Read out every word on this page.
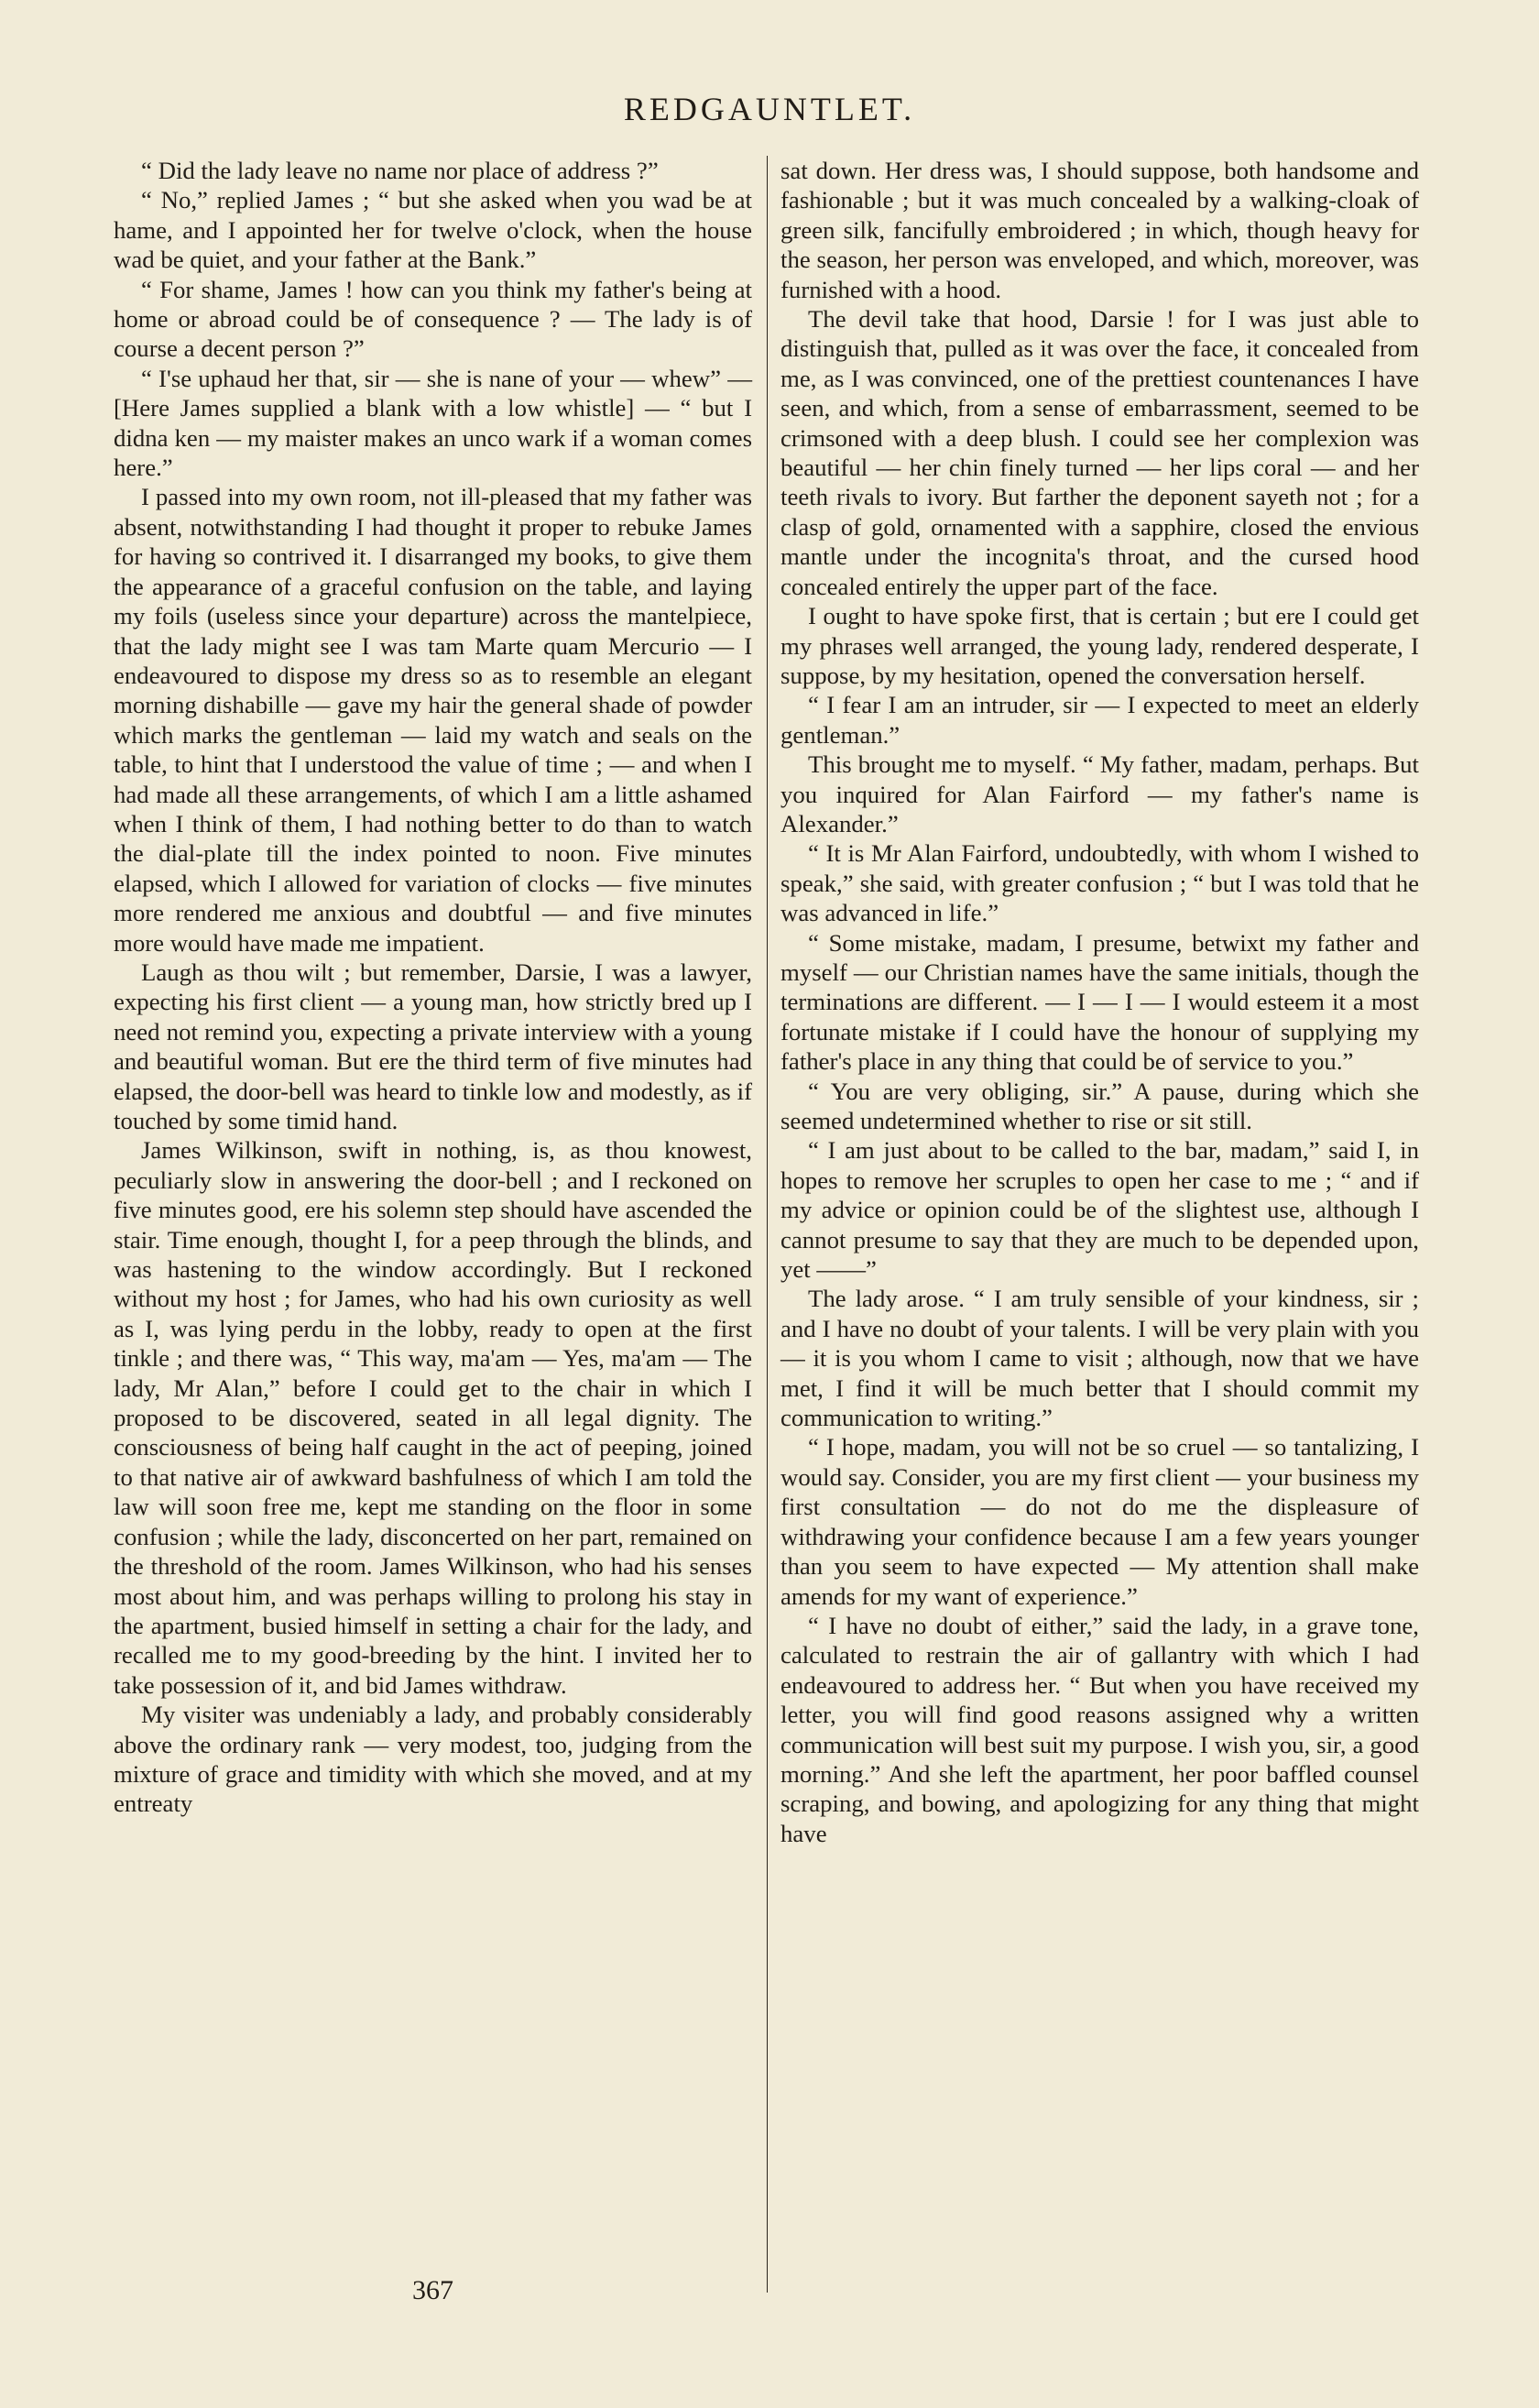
REDGAUNTLET.

“ Did the lady leave no name nor place of address ?”

“ No,” replied James ; “ but she asked when you wad be at hame, and I appointed her for twelve o'clock, when the house wad be quiet, and your father at the Bank.”

“ For shame, James ! how can you think my father's being at home or abroad could be of consequence ? — The lady is of course a decent person ?”

“ I'se uphaud her that, sir — she is nane of your — whew” — [Here James supplied a blank with a low whistle] — “ but I didna ken — my maister makes an unco wark if a woman comes here.”

I passed into my own room, not ill-pleased that my father was absent, notwithstanding I had thought it proper to rebuke James for having so contrived it. I disarranged my books, to give them the appearance of a graceful confusion on the table, and laying my foils (useless since your departure) across the mantelpiece, that the lady might see I was tam Marte quam Mercurio — I endeavoured to dispose my dress so as to resemble an elegant morning dishabille — gave my hair the general shade of powder which marks the gentleman — laid my watch and seals on the table, to hint that I understood the value of time ; — and when I had made all these arrangements, of which I am a little ashamed when I think of them, I had nothing better to do than to watch the dial-plate till the index pointed to noon. Five minutes elapsed, which I allowed for variation of clocks — five minutes more rendered me anxious and doubtful — and five minutes more would have made me impatient.

Laugh as thou wilt ; but remember, Darsie, I was a lawyer, expecting his first client — a young man, how strictly bred up I need not remind you, expecting a private interview with a young and beautiful woman. But ere the third term of five minutes had elapsed, the door-bell was heard to tinkle low and modestly, as if touched by some timid hand.

James Wilkinson, swift in nothing, is, as thou knowest, peculiarly slow in answering the door-bell ; and I reckoned on five minutes good, ere his solemn step should have ascended the stair. Time enough, thought I, for a peep through the blinds, and was hastening to the window accordingly. But I reckoned without my host ; for James, who had his own curiosity as well as I, was lying perdu in the lobby, ready to open at the first tinkle ; and there was, “ This way, ma'am — Yes, ma'am — The lady, Mr Alan,” before I could get to the chair in which I proposed to be discovered, seated in all legal dignity. The consciousness of being half caught in the act of peeping, joined to that native air of awkward bashfulness of which I am told the law will soon free me, kept me standing on the floor in some confusion ; while the lady, disconcerted on her part, remained on the threshold of the room. James Wilkinson, who had his senses most about him, and was perhaps willing to prolong his stay in the apartment, busied himself in setting a chair for the lady, and recalled me to my good-breeding by the hint. I invited her to take possession of it, and bid James withdraw.

My visiter was undeniably a lady, and probably considerably above the ordinary rank — very modest, too, judging from the mixture of grace and timidity with which she moved, and at my entreaty

sat down. Her dress was, I should suppose, both handsome and fashionable ; but it was much concealed by a walking-cloak of green silk, fancifully embroidered ; in which, though heavy for the season, her person was enveloped, and which, moreover, was furnished with a hood.

The devil take that hood, Darsie ! for I was just able to distinguish that, pulled as it was over the face, it concealed from me, as I was convinced, one of the prettiest countenances I have seen, and which, from a sense of embarrassment, seemed to be crimsoned with a deep blush. I could see her complexion was beautiful — her chin finely turned — her lips coral — and her teeth rivals to ivory. But farther the deponent sayeth not ; for a clasp of gold, ornamented with a sapphire, closed the envious mantle under the incognita's throat, and the cursed hood concealed entirely the upper part of the face.

I ought to have spoke first, that is certain ; but ere I could get my phrases well arranged, the young lady, rendered desperate, I suppose, by my hesitation, opened the conversation herself.

“ I fear I am an intruder, sir — I expected to meet an elderly gentleman.”

This brought me to myself. “ My father, madam, perhaps. But you inquired for Alan Fairford — my father's name is Alexander.”

“ It is Mr Alan Fairford, undoubtedly, with whom I wished to speak,” she said, with greater confusion ; “ but I was told that he was advanced in life.”

“ Some mistake, madam, I presume, betwixt my father and myself — our Christian names have the same initials, though the terminations are different. — I — I — I would esteem it a most fortunate mistake if I could have the honour of supplying my father's place in any thing that could be of service to you.”

“ You are very obliging, sir.” A pause, during which she seemed undetermined whether to rise or sit still.

“ I am just about to be called to the bar, madam,” said I, in hopes to remove her scruples to open her case to me ; “ and if my advice or opinion could be of the slightest use, although I cannot presume to say that they are much to be depended upon, yet ——”

The lady arose. “ I am truly sensible of your kindness, sir ; and I have no doubt of your talents. I will be very plain with you — it is you whom I came to visit ; although, now that we have met, I find it will be much better that I should commit my communication to writing.”

“ I hope, madam, you will not be so cruel — so tantalizing, I would say. Consider, you are my first client — your business my first consultation — do not do me the displeasure of withdrawing your confidence because I am a few years younger than you seem to have expected — My attention shall make amends for my want of experience.”

“ I have no doubt of either,” said the lady, in a grave tone, calculated to restrain the air of gallantry with which I had endeavoured to address her. “ But when you have received my letter, you will find good reasons assigned why a written communication will best suit my purpose. I wish you, sir, a good morning.” And she left the apartment, her poor baffled counsel scraping, and bowing, and apologizing for any thing that might have

367
